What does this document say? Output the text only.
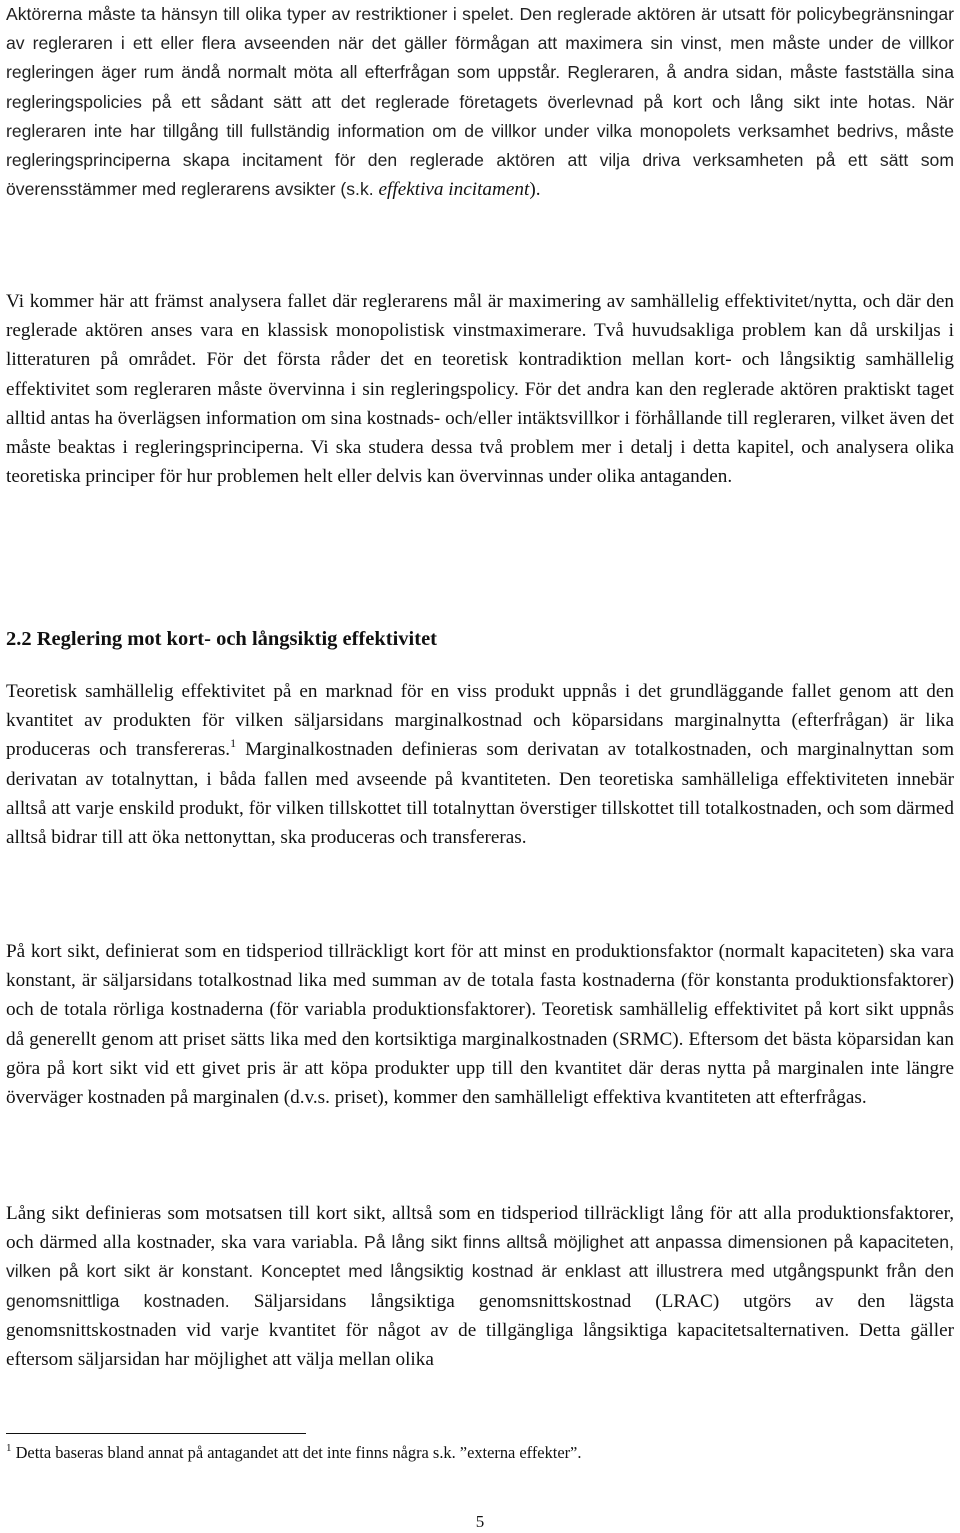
Aktörerna måste ta hänsyn till olika typer av restriktioner i spelet. Den reglerade aktören är utsatt för policybegränsningar av regleraren i ett eller flera avseenden när det gäller förmågan att maximera sin vinst, men måste under de villkor regleringen äger rum ändå normalt möta all efterfrågan som uppstår. Regleraren, å andra sidan, måste fastställa sina regleringspolicies på ett sådant sätt att det reglerade företagets överlevnad på kort och lång sikt inte hotas. När regleraren inte har tillgång till fullständig information om de villkor under vilka monopolets verksamhet bedrivs, måste regleringsprinciperna skapa incitament för den reglerade aktören att vilja driva verksamheten på ett sätt som överensstämmer med reglerarens avsikter (s.k. effektiva incitament).

Vi kommer här att främst analysera fallet där reglerarens mål är maximering av samhällelig effektivitet/nytta, och där den reglerade aktören anses vara en klassisk monopolistisk vinstmaximerare. Två huvudsakliga problem kan då urskiljas i litteraturen på området. För det första råder det en teoretisk kontradiktion mellan kort- och långsiktig samhällelig effektivitet som regleraren måste övervinna i sin regleringspolicy. För det andra kan den reglerade aktören praktiskt taget alltid antas ha överlägsen information om sina kostnads- och/eller intäktsvillkor i förhållande till regleraren, vilket även det måste beaktas i regleringsprinciperna. Vi ska studera dessa två problem mer i detalj i detta kapitel, och analysera olika teoretiska principer för hur problemen helt eller delvis kan övervinnas under olika antaganden.

2.2 Reglering mot kort- och långsiktig effektivitet

Teoretisk samhällelig effektivitet på en marknad för en viss produkt uppnås i det grundläggande fallet genom att den kvantitet av produkten för vilken säljarsidans marginalkostnad och köparsidans marginalnytta (efterfrågan) är lika produceras och transfereras.$^1$ Marginalkostnaden definieras som derivatan av totalkostnaden, och marginalnyttan som derivatan av totalnyttan, i båda fallen med avseende på kvantiteten. Den teoretiska samhälleliga effektiviteten innebär alltså att varje enskild produkt, för vilken tillskottet till totalnyttan överstiger tillskottet till totalkostnaden, och som därmed alltså bidrar till att öka nettonyttan, ska produceras och transfereras.

På kort sikt, definierat som en tidsperiod tillräckligt kort för att minst en produktionsfaktor (normalt kapaciteten) ska vara konstant, är säljarsidans totalkostnad lika med summan av de totala fasta kostnaderna (för konstanta produktionsfaktorer) och de totala rörliga kostnaderna (för variabla produktionsfaktorer). Teoretisk samhällelig effektivitet på kort sikt uppnås då generellt genom att priset sätts lika med den kortsiktiga marginalkostnaden (SRMC). Eftersom det bästa köparsidan kan göra på kort sikt vid ett givet pris är att köpa produkter upp till den kvantitet där deras nytta på marginalen inte längre överväger kostnaden på marginalen (d.v.s. priset), kommer den samhälleligt effektiva kvantiteten att efterfrågas.

Lång sikt definieras som motsatsen till kort sikt, alltså som en tidsperiod tillräckligt lång för att alla produktionsfaktorer, och därmed alla kostnader, ska vara variabla. På lång sikt finns alltså möjlighet att anpassa dimensionen på kapaciteten, vilken på kort sikt är konstant. Konceptet med långsiktig kostnad är enklast att illustrera med utgångspunkt från den genomsnittliga kostnaden. Säljarsidans långsiktiga genomsnittskostnad (LRAC) utgörs av den lägsta genomsnittskostnaden vid varje kvantitet för något av de tillgängliga långsiktiga kapacitetsalternativen. Detta gäller eftersom säljarsidan har möjlighet att välja mellan olika

$^1$ Detta baseras bland annat på antagandet att det inte finns några s.k. ”externa effekter”.
5
